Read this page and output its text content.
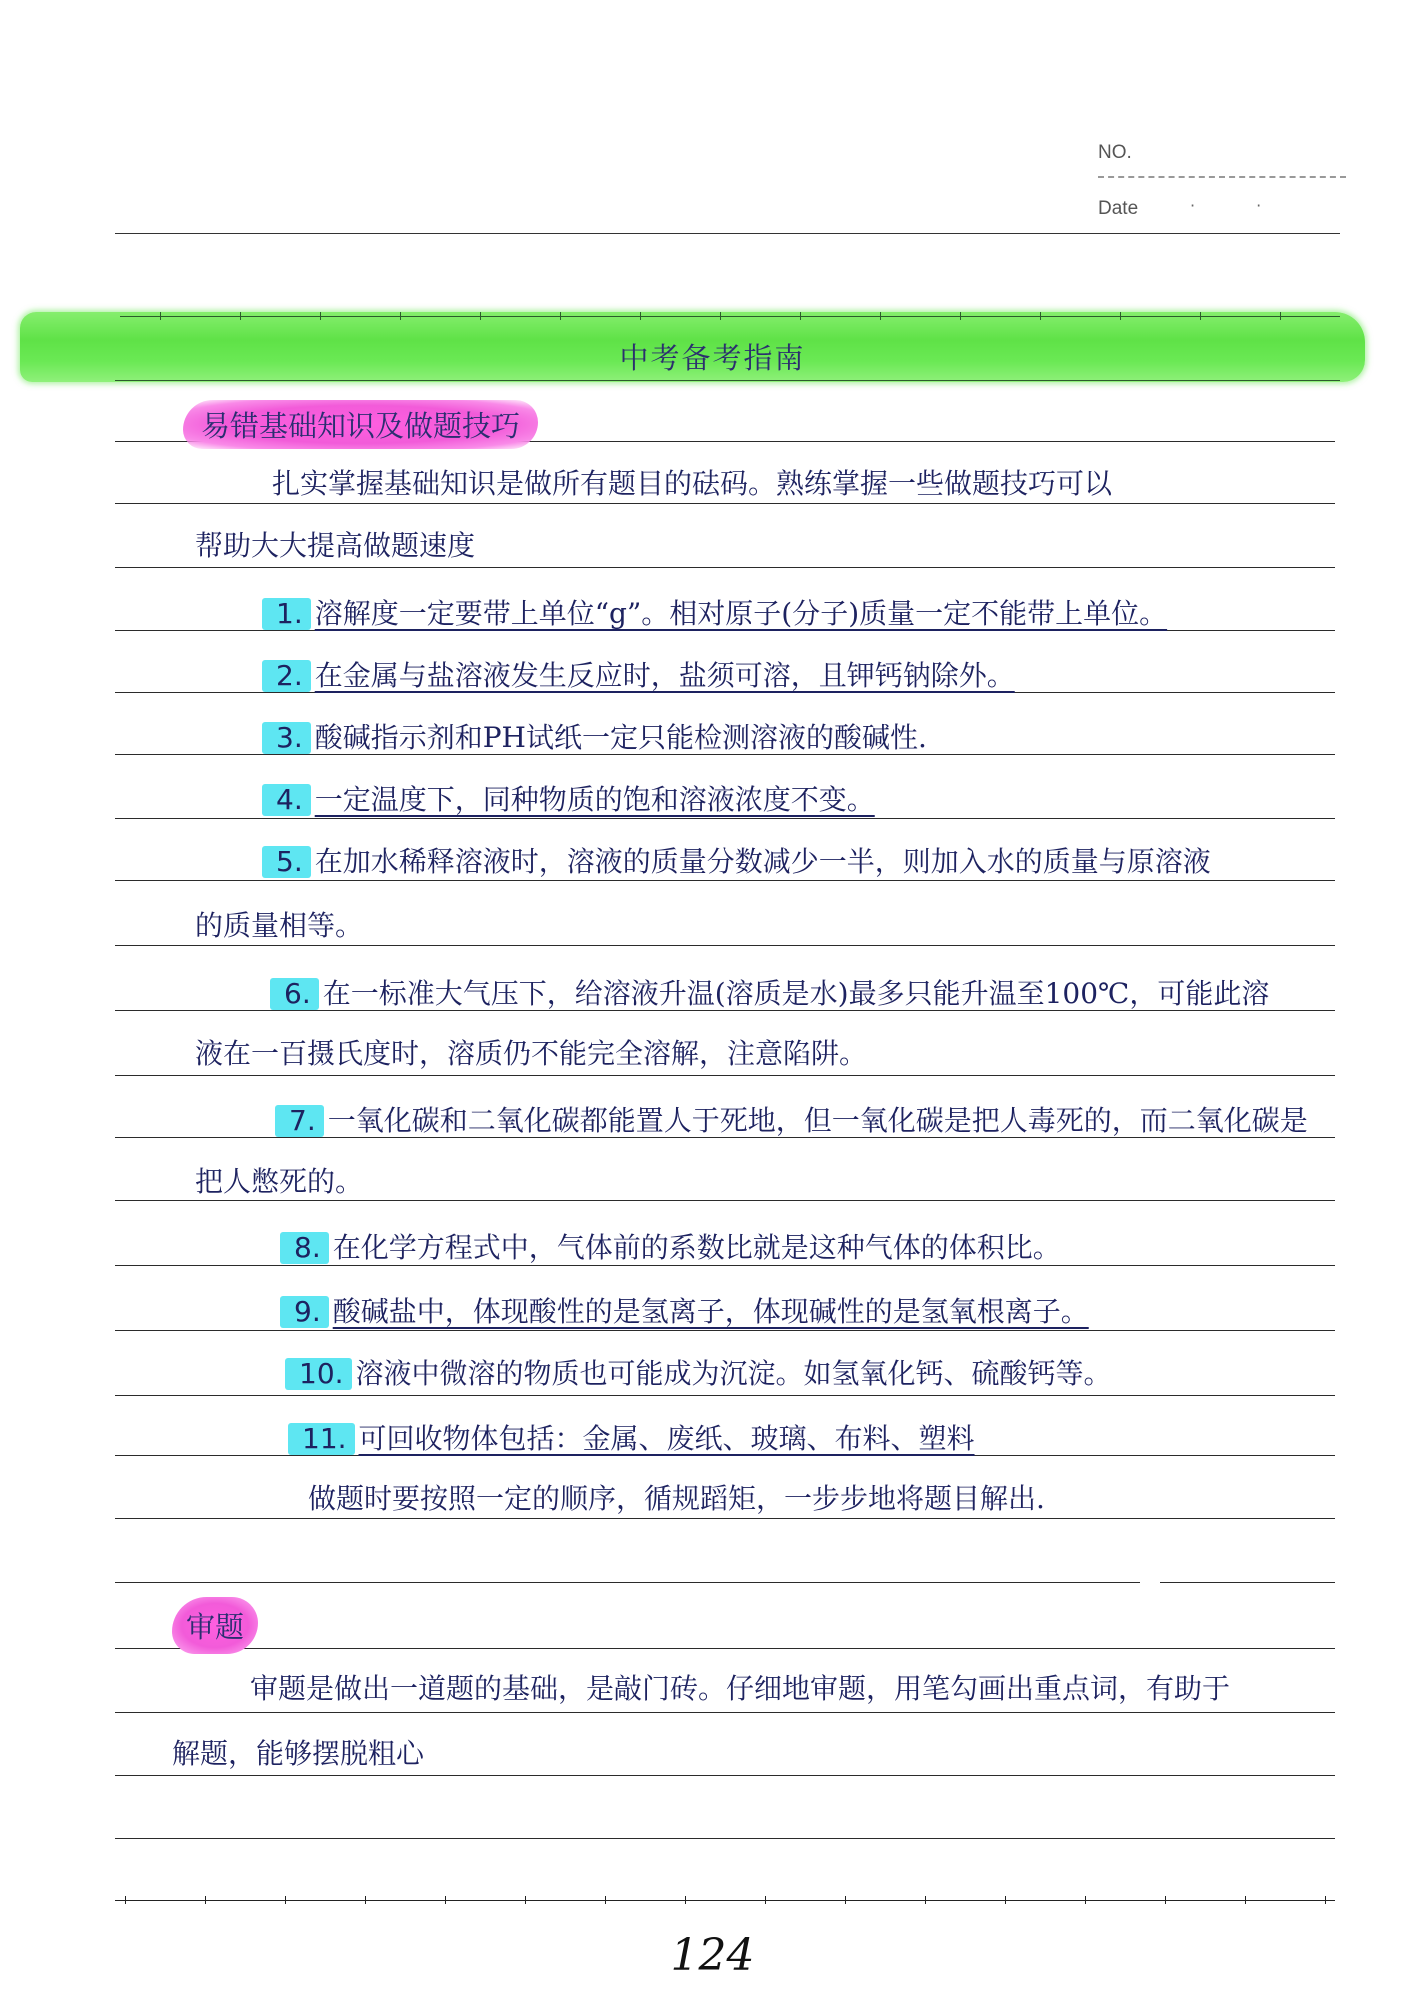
NO.
Date	· ·
中考备考指南
易错基础知识及做题技巧
扎实掌握基础知识是做所有题目的砝码。熟练掌握一些做题技巧可以
帮助大大提高做题速度
1. 溶解度一定要带上单位“g”。相对原子(分子)质量一定不能带上单位。
2. 在金属与盐溶液发生反应时，盐须可溶，且钾钙钠除外。
3. 酸碱指示剂和PH试纸一定只能检测溶液的酸碱性.
4. 一定温度下，同种物质的饱和溶液浓度不变。
5. 在加水稀释溶液时，溶液的质量分数减少一半，则加入水的质量与原溶液
的质量相等。
6. 在一标准大气压下，给溶液升温(溶质是水)最多只能升温至100℃，可能此溶
液在一百摄氏度时，溶质仍不能完全溶解，注意陷阱。
7. 一氧化碳和二氧化碳都能置人于死地，但一氧化碳是把人毒死的，而二氧化碳是
把人憋死的。
8. 在化学方程式中，气体前的系数比就是这种气体的体积比。
9. 酸碱盐中，体现酸性的是氢离子，体现碱性的是氢氧根离子。
10. 溶液中微溶的物质也可能成为沉淀。如氢氧化钙、硫酸钙等。
11. 可回收物体包括：金属、废纸、玻璃、布料、塑料
做题时要按照一定的顺序，循规蹈矩，一步步地将题目解出.
审题
审题是做出一道题的基础，是敲门砖。仔细地审题，用笔勾画出重点词，有助于
解题，能够摆脱粗心
124
